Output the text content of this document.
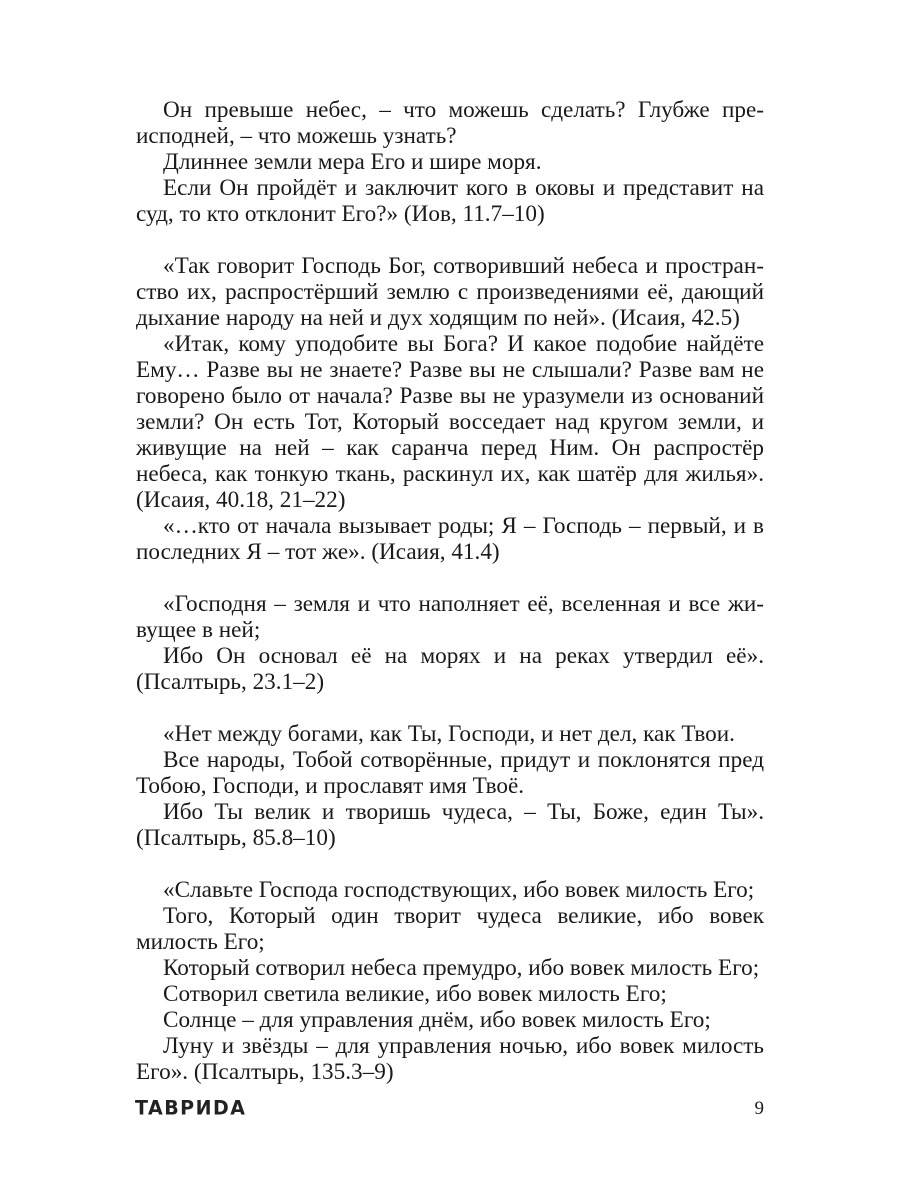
Он превыше небес, – что можешь сделать? Глубже преисподней, – что можешь узнать?

Длиннее земли мера Его и шире моря.

Если Он пройдёт и заключит кого в оковы и представит на суд, то кто отклонит Его?» (Иов, 11.7–10)

«Так говорит Господь Бог, сотворивший небеса и пространство их, распростёрший землю с произведениями её, дающий дыхание народу на ней и дух ходящим по ней». (Исаия, 42.5)

«Итак, кому уподобите вы Бога? И какое подобие найдёте Ему… Разве вы не знаете? Разве вы не слышали? Разве вам не говорено было от начала? Разве вы не уразумели из оснований земли? Он есть Тот, Который восседает над кругом земли, и живущие на ней – как саранча перед Ним. Он распростёр небеса, как тонкую ткань, раскинул их, как шатёр для жилья». (Исаия, 40.18, 21–22)

«…кто от начала вызывает роды; Я – Господь – первый, и в последних Я – тот же». (Исаия, 41.4)

«Господня – земля и что наполняет её, вселенная и все живущее в ней;

Ибо Он основал её на морях и на реках утвердил её». (Псалтырь, 23.1–2)

«Нет между богами, как Ты, Господи, и нет дел, как Твои.

Все народы, Тобой сотворённые, придут и поклонятся пред Тобою, Господи, и прославят имя Твоё.

Ибо Ты велик и творишь чудеса, – Ты, Боже, един Ты». (Псалтырь, 85.8–10)

«Славьте Господа господствующих, ибо вовек милость Его;

Того, Который один творит чудеса великие, ибо вовек милость Его;

Который сотворил небеса премудро, ибо вовек милость Его;

Сотворил светила великие, ибо вовек милость Его;

Солнце – для управления днём, ибо вовек милость Его;

Луну и звёзды – для управления ночью, ибо вовек милость Его». (Псалтырь, 135.3–9)

TABPИDA	9
